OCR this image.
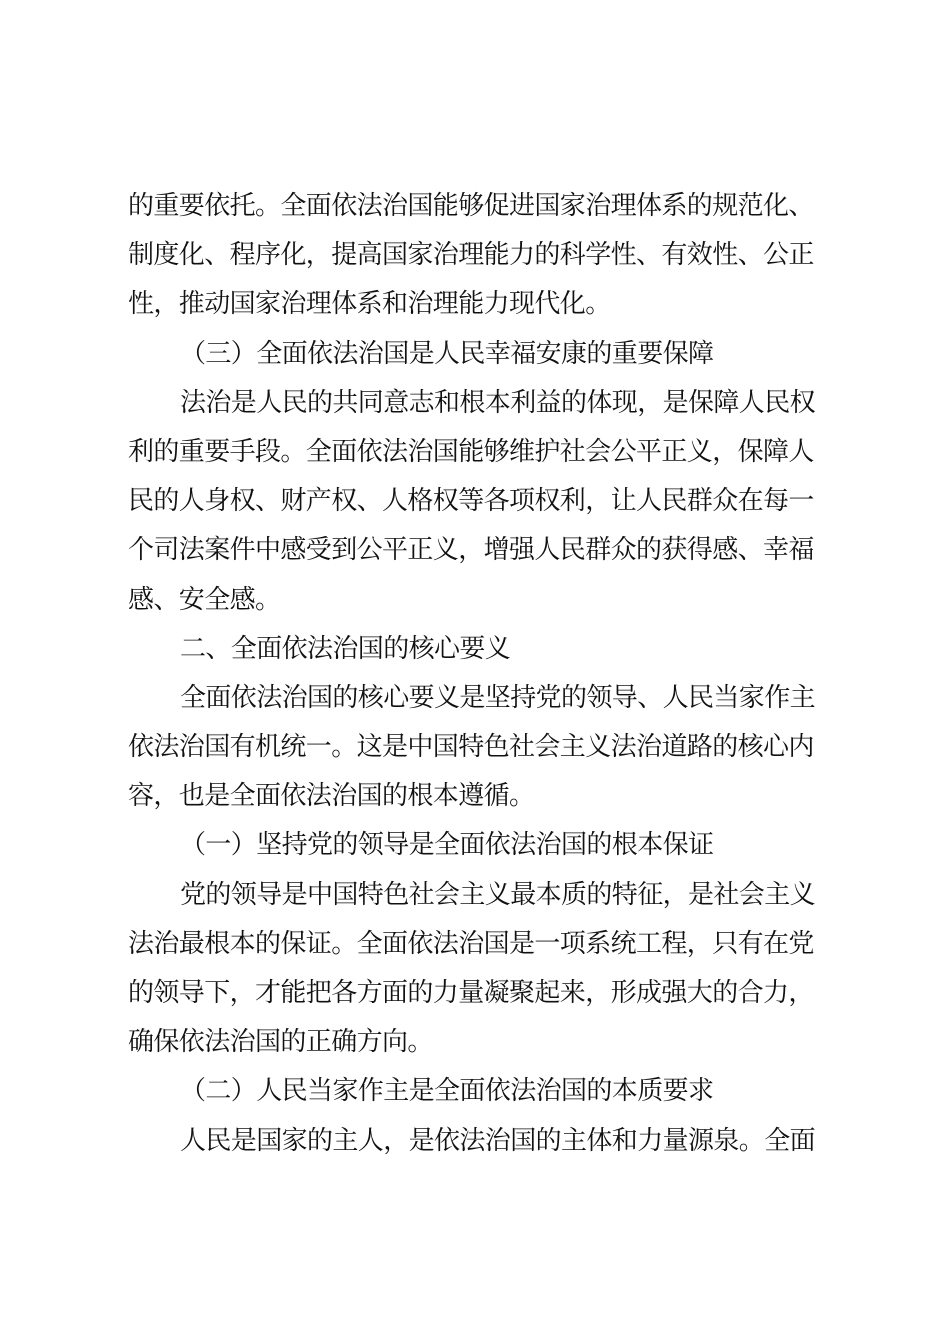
的重要依托。全面依法治国能够促进国家治理体系的规范化、
制度化、程序化，提高国家治理能力的科学性、有效性、公正
性，推动国家治理体系和治理能力现代化。
（三）全面依法治国是人民幸福安康的重要保障
法治是人民的共同意志和根本利益的体现，是保障人民权
利的重要手段。全面依法治国能够维护社会公平正义，保障人
民的人身权、财产权、人格权等各项权利，让人民群众在每一
个司法案件中感受到公平正义，增强人民群众的获得感、幸福
感、安全感。
二、全面依法治国的核心要义
全面依法治国的核心要义是坚持党的领导、人民当家作主
依法治国有机统一。这是中国特色社会主义法治道路的核心内
容，也是全面依法治国的根本遵循。
（一）坚持党的领导是全面依法治国的根本保证
党的领导是中国特色社会主义最本质的特征，是社会主义
法治最根本的保证。全面依法治国是一项系统工程，只有在党
的领导下，才能把各方面的力量凝聚起来，形成强大的合力，
确保依法治国的正确方向。
（二）人民当家作主是全面依法治国的本质要求
人民是国家的主人，是依法治国的主体和力量源泉。全面
